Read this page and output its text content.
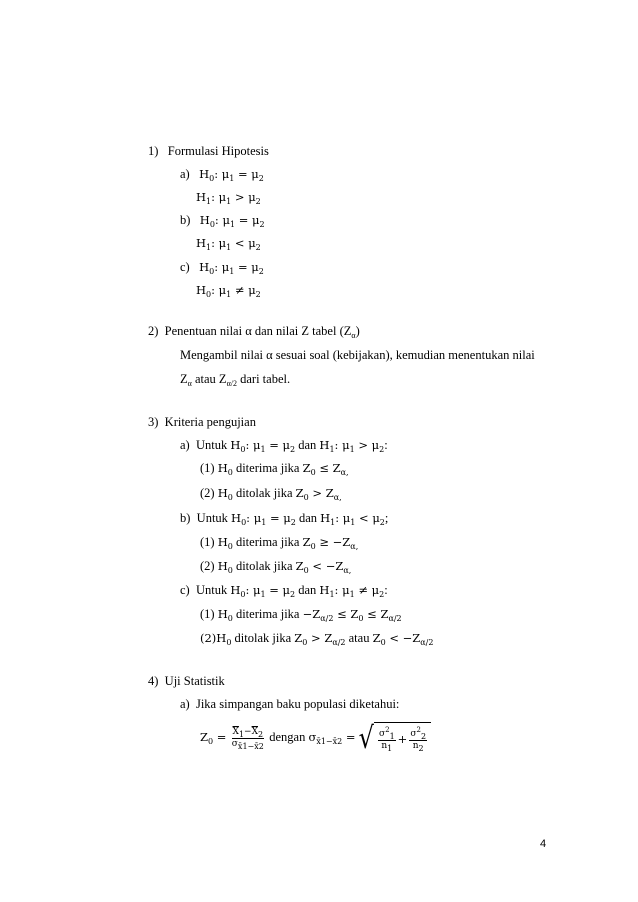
1) Formulasi Hipotesis
a) $H_0$: $\mu_1 = \mu_2$
$H_1$: $\mu_1 > \mu_2$
b) $H_0$: $\mu_1 = \mu_2$
$H_1$: $\mu_1 < \mu_2$
c) $H_0$: $\mu_1 = \mu_2$
$H_0$: $\mu_1 \ne \mu_2$
2) Penentuan nilai α dan nilai Z tabel $(Z_\alpha)$
Mengambil nilai α sesuai soal (kebijakan), kemudian menentukan nilai
$Z_\alpha$ atau $Z_{\alpha/2}$ dari tabel.
3) Kriteria pengujian
a) Untuk $H_0$: $\mu_1 = \mu_2$ dan $H_1$: $\mu_1 > \mu_2$:
(1) $H_0$ diterima jika $Z_0 \le Z_{\alpha,}$
(2) $H_0$ ditolak jika $Z_0 > Z_{\alpha,}$
b) Untuk $H_0$: $\mu_1 = \mu_2$ dan $H_1$: $\mu_1 < \mu_2$;
(1) $H_0$ diterima jika $Z_0 \ge -Z_{\alpha,}$
(2) $H_0$ ditolak jika $Z_0 < -Z_{\alpha,}$
c) Untuk $H_0$: $\mu_1 = \mu_2$ dan $H_1$: $\mu_1 \ne \mu_2$:
(1) $H_0$ diterima jika $-Z_{\alpha/2} \le Z_0 \le Z_{\alpha/2}$
$(2)H_0$ ditolak jika $Z_0 > Z_{\alpha/2}$ atau $Z_0 < -Z_{\alpha/2}$
4) Uji Statistik
a) Jika simpangan baku populasi diketahui:
$Z_0 = \frac{\overline{X}_1-\overline{X}_2}{\sigma_{x̄1-x̄2}}$ dengan $\sigma_{x̄1-x̄2}$ = √ $\frac{\sigma^2_1}{n_1} + \frac{\sigma^2_2}{n_2}$
4
